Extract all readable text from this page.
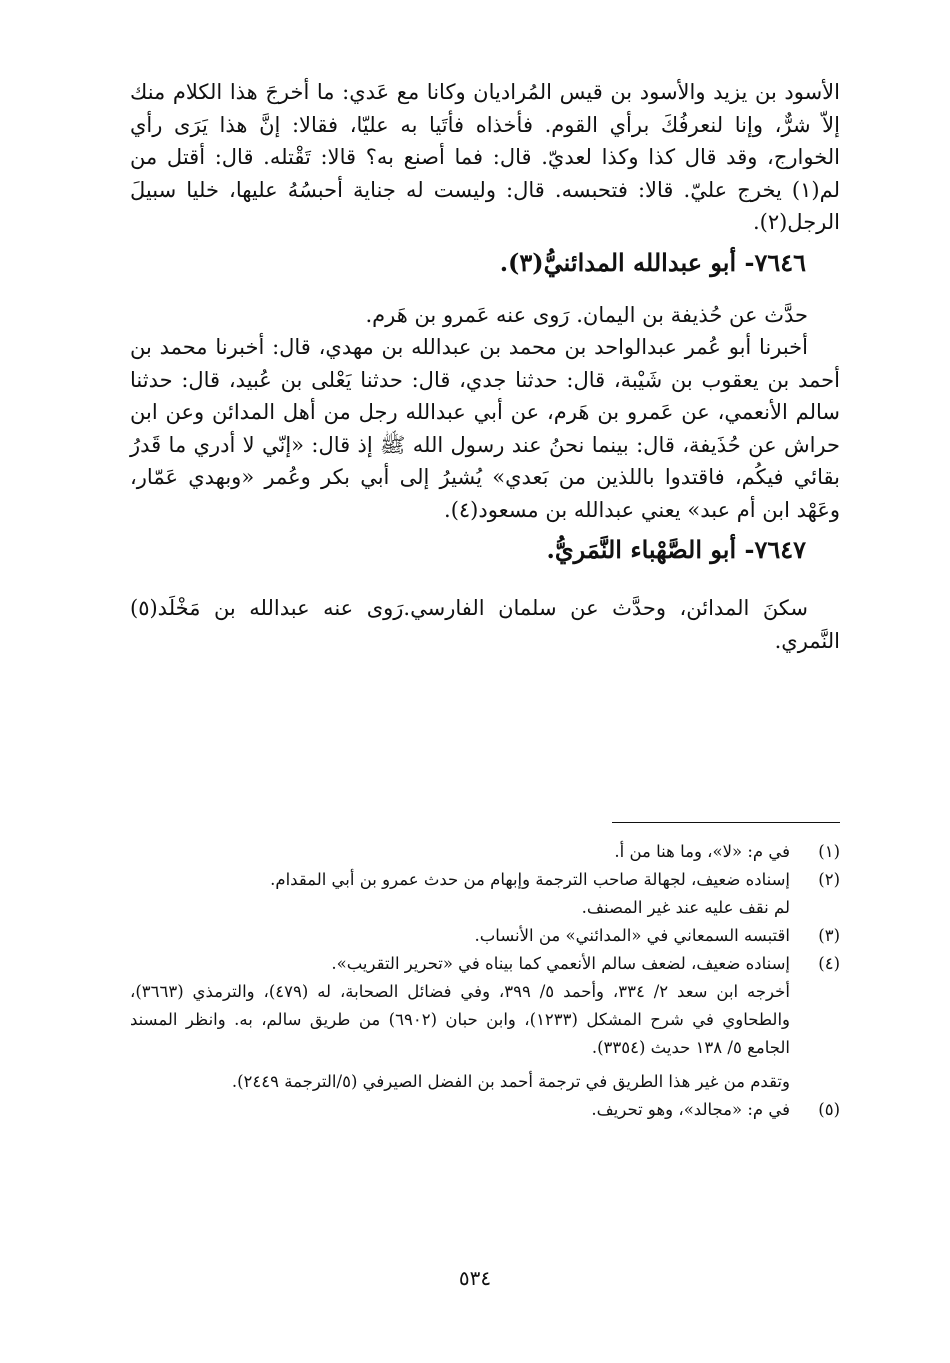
الأسود بن يزيد والأسود بن قيس المُراديان وكانا مع عَدي: ما أخرجَ هذا الكلام منك إلاّ شرٌّ، وإنا لنعرفُكَ برأي القوم. فأخذاه فأتَيا به عليّا، فقالا: إنَّ هذا يَرَى رأي الخوارج، وقد قال كذا وكذا لعديّ. قال: فما أصنع به؟ قالا: تَقْتله. قال: أقتل من لم(١) يخرج عليّ. قالا: فتحبسه. قال: وليست له جناية أحبسُهُ عليها، خليا سبيلَ الرجل(٢).

٧٦٤٦- أبو عبدالله المدائنيُّ(٣).

حدَّث عن حُذيفة بن اليمان. رَوى عنه عَمرو بن هَرم.

أخبرنا أبو عُمر عبدالواحد بن محمد بن عبدالله بن مهدي، قال: أخبرنا محمد بن أحمد بن يعقوب بن شَيْبة، قال: حدثنا جدي، قال: حدثنا يَعْلى بن عُبيد، قال: حدثنا سالم الأنعمي، عن عَمرو بن هَرم، عن أبي عبدالله رجل من أهل المدائن وعن ابن حراش عن حُذَيفة، قال: بينما نحنُ عند رسول الله ﷺ إذ قال: «إنّي لا أدري ما قَدرُ بقائي فيكُم، فاقتدوا باللذين من بَعدي» يُشيرُ إلى أبي بكر وعُمر «وبهدي عَمّار، وعَهْد ابن أم عبد» يعني عبدالله بن مسعود(٤).

٧٦٤٧- أبو الصَّهْباء النَّمَريُّ.

سكنَ المدائن، وحدَّث عن سلمان الفارسي.رَوى عنه عبدالله بن مَخْلَد(٥) النَّمري.

(١)

في م: «لا»، وما هنا من أ.

(٢)

إسناده ضعيف، لجهالة صاحب الترجمة وإبهام من حدث عمرو بن أبي المقدام.

لم نقف عليه عند غير المصنف.

(٣)

اقتبسه السمعاني في «المدائني» من الأنساب.

(٤)

إسناده ضعيف، لضعف سالم الأنعمي كما بيناه في «تحرير التقريب».

أخرجه ابن سعد ٢/ ٣٣٤، وأحمد ٥/ ٣٩٩، وفي فضائل الصحابة، له (٤٧٩)، والترمذي (٣٦٦٣)، والطحاوي في شرح المشكل (١٢٣٣)، وابن حبان (٦٩٠٢) من طريق سالم، به. وانظر المسند الجامع ٥/ ١٣٨ حديث (٣٣٥٤).

وتقدم من غير هذا الطريق في ترجمة أحمد بن الفضل الصيرفي (٥/الترجمة ٢٤٤٩).

(٥)

في م: «مجالد»، وهو تحريف.

٥٣٤
